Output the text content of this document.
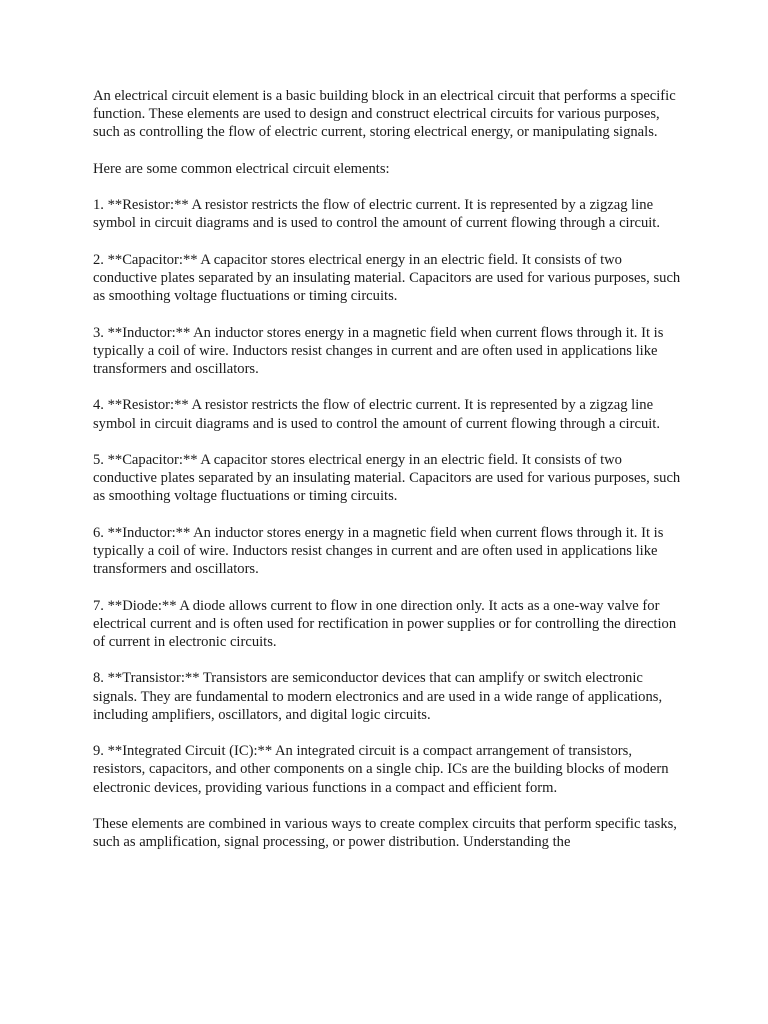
An electrical circuit element is a basic building block in an electrical circuit that performs a specific function. These elements are used to design and construct electrical circuits for various purposes, such as controlling the flow of electric current, storing electrical energy, or manipulating signals.

Here are some common electrical circuit elements:

1. **Resistor:** A resistor restricts the flow of electric current. It is represented by a zigzag line symbol in circuit diagrams and is used to control the amount of current flowing through a circuit.

2. **Capacitor:** A capacitor stores electrical energy in an electric field. It consists of two conductive plates separated by an insulating material. Capacitors are used for various purposes, such as smoothing voltage fluctuations or timing circuits.

3. **Inductor:** An inductor stores energy in a magnetic field when current flows through it. It is typically a coil of wire. Inductors resist changes in current and are often used in applications like transformers and oscillators.

4. **Resistor:** A resistor restricts the flow of electric current. It is represented by a zigzag line symbol in circuit diagrams and is used to control the amount of current flowing through a circuit.

5. **Capacitor:** A capacitor stores electrical energy in an electric field. It consists of two conductive plates separated by an insulating material. Capacitors are used for various purposes, such as smoothing voltage fluctuations or timing circuits.

6. **Inductor:** An inductor stores energy in a magnetic field when current flows through it. It is typically a coil of wire. Inductors resist changes in current and are often used in applications like transformers and oscillators.

7. **Diode:** A diode allows current to flow in one direction only. It acts as a one-way valve for electrical current and is often used for rectification in power supplies or for controlling the direction of current in electronic circuits.

8. **Transistor:** Transistors are semiconductor devices that can amplify or switch electronic signals. They are fundamental to modern electronics and are used in a wide range of applications, including amplifiers, oscillators, and digital logic circuits.

9. **Integrated Circuit (IC):** An integrated circuit is a compact arrangement of transistors, resistors, capacitors, and other components on a single chip. ICs are the building blocks of modern electronic devices, providing various functions in a compact and efficient form.

These elements are combined in various ways to create complex circuits that perform specific tasks, such as amplification, signal processing, or power distribution. Understanding the
